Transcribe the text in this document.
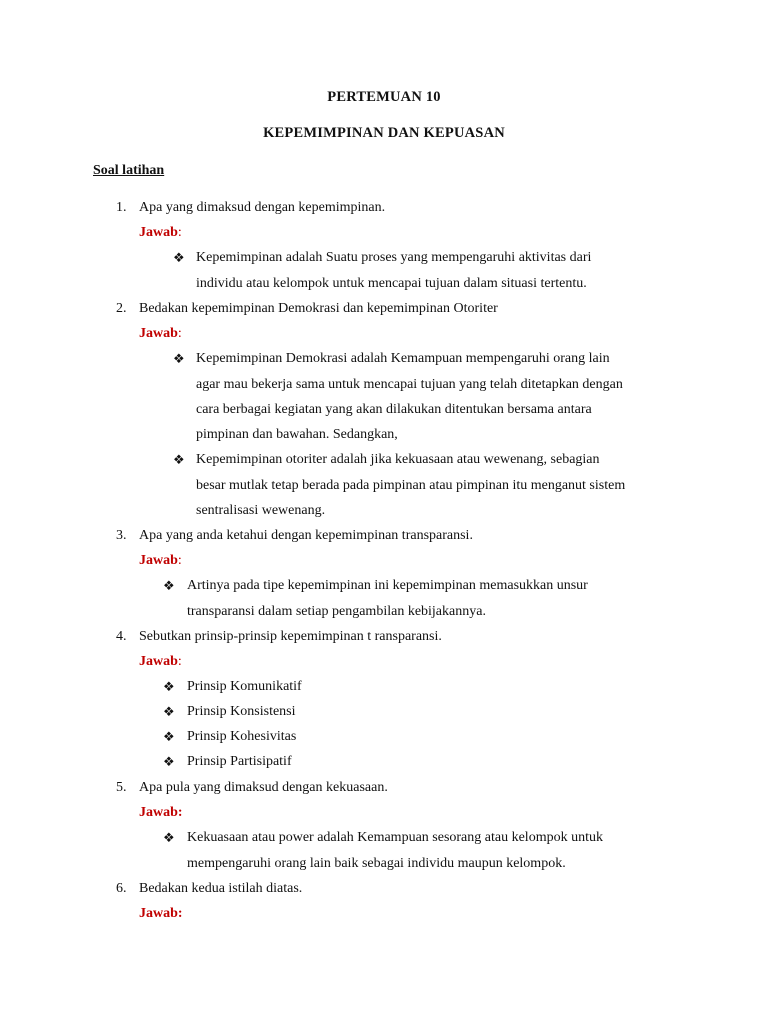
PERTEMUAN 10
KEPEMIMPINAN DAN KEPUASAN
Soal latihan
1. Apa yang dimaksud dengan kepemimpinan.
Jawab:
❖ Kepemimpinan adalah Suatu proses yang mempengaruhi aktivitas dari
individu atau kelompok untuk mencapai tujuan dalam situasi tertentu.
2. Bedakan kepemimpinan Demokrasi dan kepemimpinan Otoriter
Jawab:
❖ Kepemimpinan Demokrasi adalah Kemampuan mempengaruhi orang lain
agar mau bekerja sama untuk mencapai tujuan yang telah ditetapkan dengan
cara berbagai kegiatan yang akan dilakukan ditentukan bersama antara
pimpinan dan bawahan. Sedangkan,
❖ Kepemimpinan otoriter adalah jika kekuasaan atau wewenang, sebagian
besar mutlak tetap berada pada pimpinan atau pimpinan itu menganut sistem
sentralisasi wewenang.
3. Apa yang anda ketahui dengan kepemimpinan transparansi.
Jawab:
❖ Artinya pada tipe kepemimpinan ini kepemimpinan memasukkan unsur
transparansi dalam setiap pengambilan kebijakannya.
4. Sebutkan prinsip-prinsip kepemimpinan t ransparansi.
Jawab:
❖ Prinsip Komunikatif
❖ Prinsip Konsistensi
❖ Prinsip Kohesivitas
❖ Prinsip Partisipatif
5. Apa pula yang dimaksud dengan kekuasaan.
Jawab:
❖ Kekuasaan atau power adalah Kemampuan sesorang atau kelompok untuk
mempengaruhi orang lain baik sebagai individu maupun kelompok.
6. Bedakan kedua istilah diatas.
Jawab:
